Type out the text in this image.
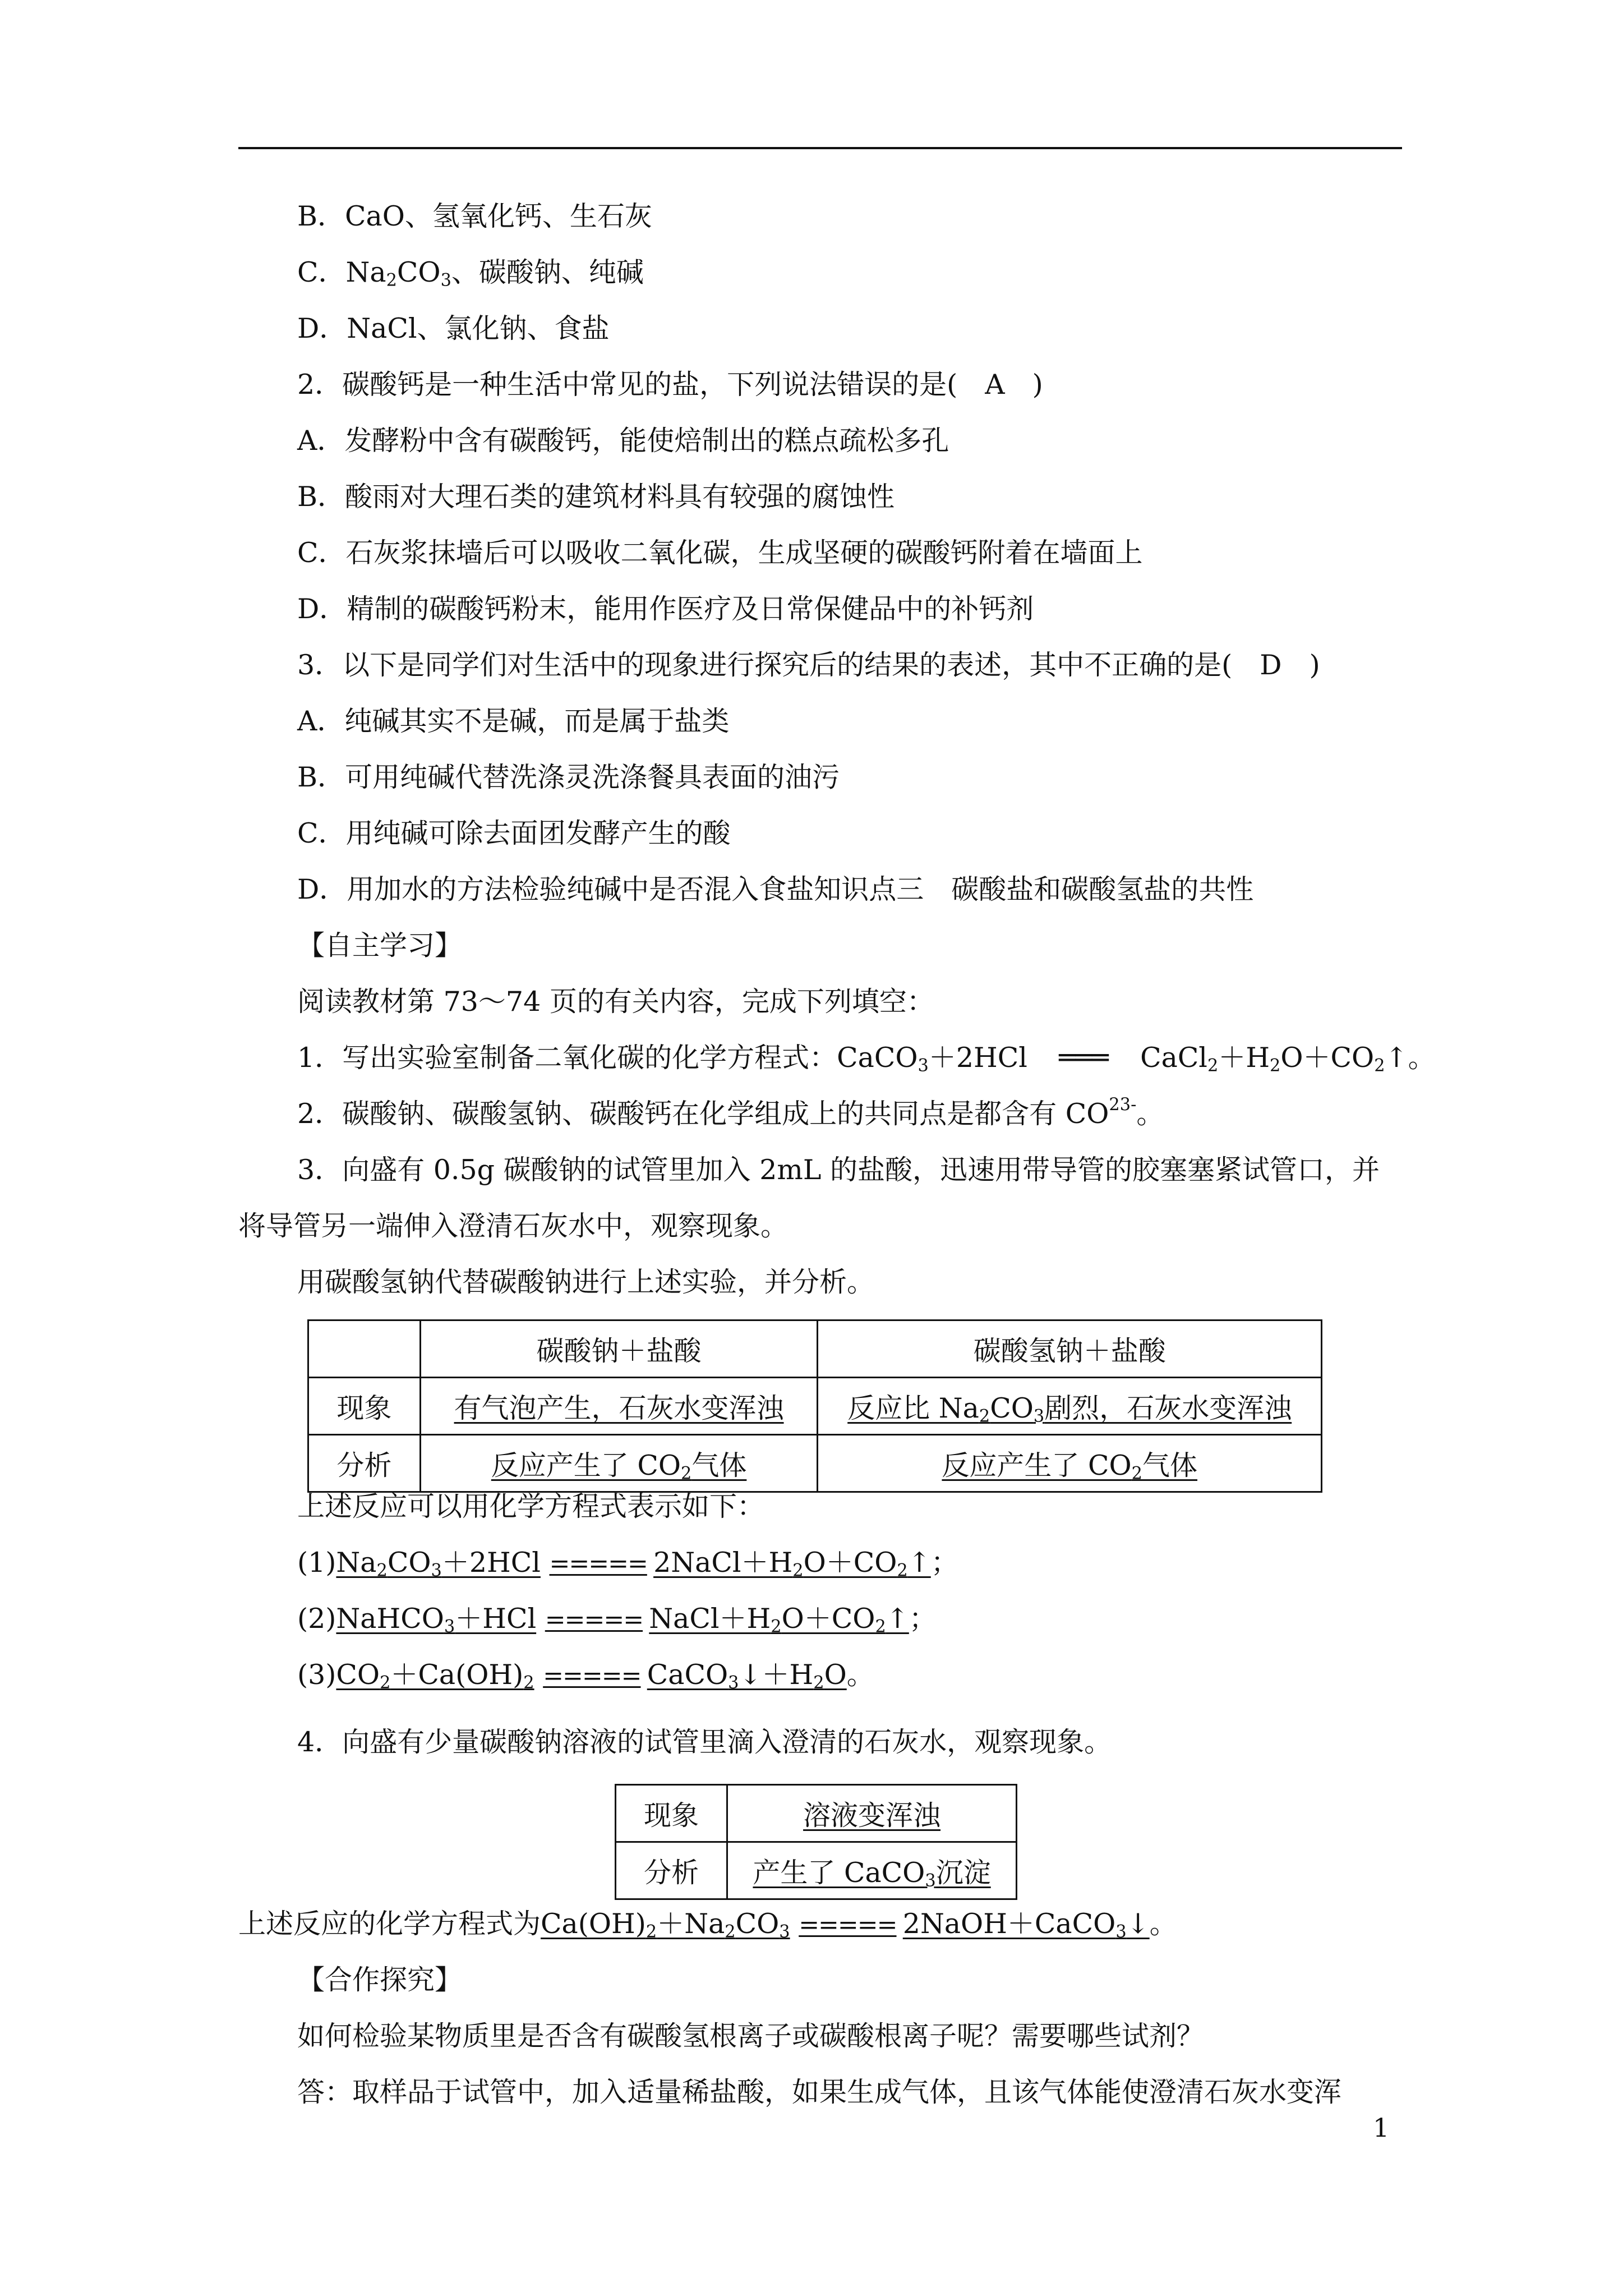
B．CaO、氢氧化钙、生石灰
C．$Na_2CO_3$、碳酸钠、纯碱
D．NaCl、氯化钠、食盐
2．碳酸钙是一种生活中常见的盐，下列说法错误的是(　A　)
A．发酵粉中含有碳酸钙，能使焙制出的糕点疏松多孔
B．酸雨对大理石类的建筑材料具有较强的腐蚀性
C．石灰浆抹墙后可以吸收二氧化碳，生成坚硬的碳酸钙附着在墙面上
D．精制的碳酸钙粉末，能用作医疗及日常保健品中的补钙剂
3．以下是同学们对生活中的现象进行探究后的结果的表述，其中不正确的是(　D　)
A．纯碱其实不是碱，而是属于盐类
B．可用纯碱代替洗涤灵洗涤餐具表面的油污
C．用纯碱可除去面团发酵产生的酸
D．用加水的方法检验纯碱中是否混入食盐知识点三　碳酸盐和碳酸氢盐的共性
【自主学习】
阅读教材第 73～74 页的有关内容，完成下列填空：
1．写出实验室制备二氧化碳的化学方程式：CaCO$_3$＋2HCl ═══ $CaCl_2+H_2O+CO_2↑$。
2．碳酸钠、碳酸氢钠、碳酸钙在化学组成上的共同点是都含有 $CO^{23-}$。
3．向盛有 0.5g 碳酸钠的试管里加入 2mL 的盐酸，迅速用带导管的胶塞塞紧试管口，并
将导管另一端伸入澄清石灰水中，观察现象。
用碳酸氢钠代替碳酸钠进行上述实验，并分析。
	碳酸钠＋盐酸	碳酸氢钠＋盐酸
现象	有气泡产生，石灰水变浑浊	反应比 $Na_2CO_3$剧烈，石灰水变浑浊
分析	反应产生了 $CO_2$气体	反应产生了 $CO_2$气体
上述反应可以用化学方程式表示如下：
$(1)Na_2CO_3+2HCl$ ===== $2NaCl+H_2O+CO_2↑$；
(2)NaHCO$_3$＋HCl ===== $NaCl+H_2O+CO_2↑$；
$(3)CO_2+Ca(OH)_2$ ===== $CaCO_3↓+H_2O$。
4．向盛有少量碳酸钠溶液的试管里滴入澄清的石灰水，观察现象。
现象	溶液变浑浊
分析	产生了 CaCO$_3$沉淀
上述反应的化学方程式为$Ca(OH)_2+Na_2CO_3$ ===== 2NaOH＋CaCO$_3$↓。
【合作探究】
如何检验某物质里是否含有碳酸氢根离子或碳酸根离子呢？需要哪些试剂？
答：取样品于试管中，加入适量稀盐酸，如果生成气体，且该气体能使澄清石灰水变浑
1
